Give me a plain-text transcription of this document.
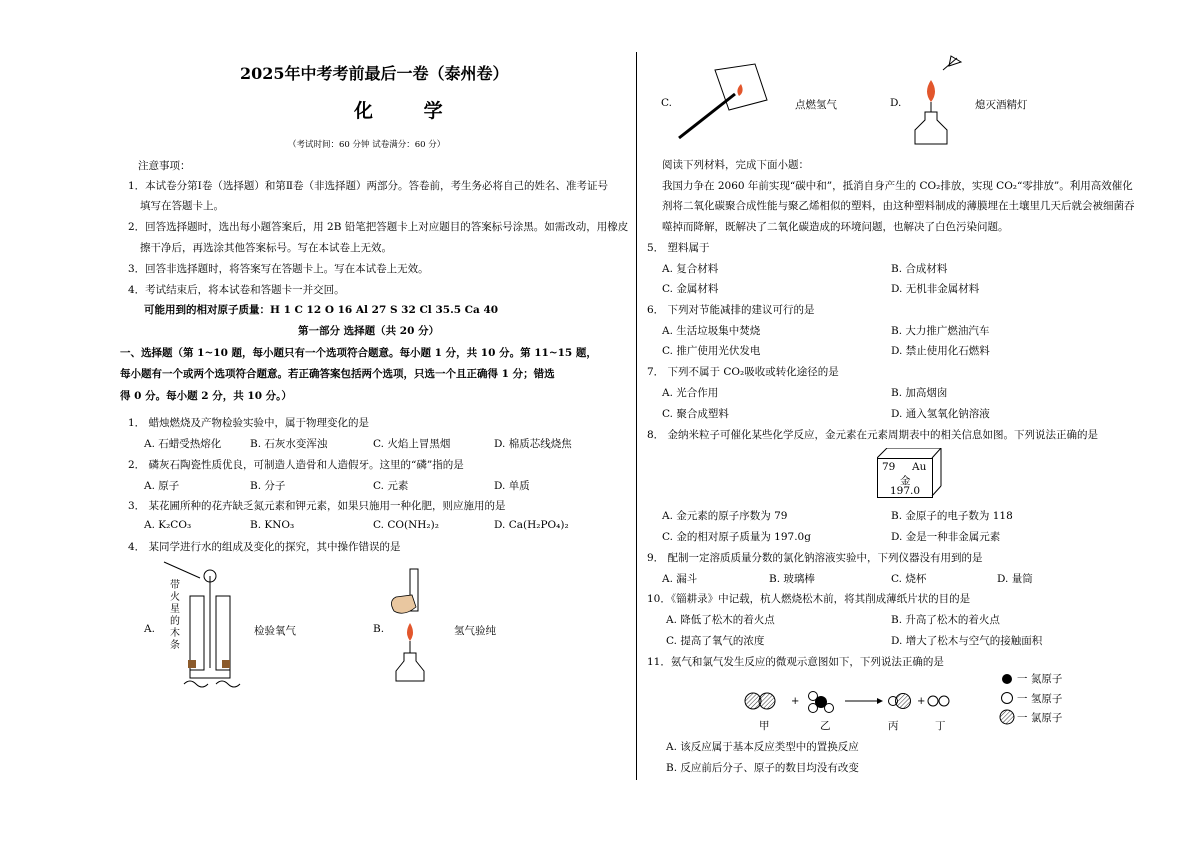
2025年中考考前最后一卷（泰州卷）
化 学
（考试时间：60 分钟 试卷满分：60 分）
注意事项：
1．本试卷分第Ⅰ卷（选择题）和第Ⅱ卷（非选择题）两部分。答卷前，考生务必将自己的姓名、准考证号
填写在答题卡上。
2．回答选择题时，选出每小题答案后，用 2B 铅笔把答题卡上对应题目的答案标号涂黑。如需改动，用橡皮
擦干净后，再选涂其他答案标号。写在本试卷上无效。
3．回答非选择题时，将答案写在答题卡上。写在本试卷上无效。
4．考试结束后，将本试卷和答题卡一并交回。
可能用到的相对原子质量：H 1 C 12 O 16 Al 27 S 32 Cl 35.5 Ca 40
第一部分 选择题（共 20 分）
一、选择题（第 1~10 题，每小题只有一个选项符合题意。每小题 1 分，共 10 分。第 11~15 题，
每小题有一个或两个选项符合题意。若正确答案包括两个选项，只选一个且正确得 1 分；错选
得 0 分。每小题 2 分，共 10 分。）
1． 蜡烛燃烧及产物检验实验中，属于物理变化的是
A. 石蜡受热熔化	B. 石灰水变浑浊	C. 火焰上冒黑烟	D. 棉质芯线烧焦
2． 磷灰石陶瓷性质优良，可制造人造骨和人造假牙。这里的“磷”指的是
A. 原子	B. 分子	C. 元素	D. 单质
3． 某花圃所种的花卉缺乏氮元素和钾元素，如果只施用一种化肥，则应施用的是
A. K₂CO₃	B. KNO₃	C. CO(NH₂)₂	D. Ca(H₂PO₄)₂
4． 某同学进行水的组成及变化的探究，其中操作错误的是
A.
带火星的木条
检验氧气	B.	氢气验纯
C.	点燃氢气	D.	熄灭酒精灯
阅读下列材料，完成下面小题：
我国力争在 2060 年前实现“碳中和”，抵消自身产生的 CO₂排放，实现 CO₂“零排放”。利用高效催化
剂将二氧化碳聚合成性能与聚乙烯相似的塑料，由这种塑料制成的薄膜埋在土壤里几天后就会被细菌吞
噬掉而降解，既解决了二氧化碳造成的环境问题，也解决了白色污染问题。
5． 塑料属于
A. 复合材料	B. 合成材料
C. 金属材料	D. 无机非金属材料
6． 下列对节能减排的建议可行的是
A. 生活垃圾集中焚烧	B. 大力推广燃油汽车
C. 推广使用光伏发电	D. 禁止使用化石燃料
7． 下列不属于 CO₂吸收或转化途径的是
A. 光合作用	B. 加高烟囱
C. 聚合成塑料	D. 通入氢氧化钠溶液
8． 金纳米粒子可催化某些化学反应，金元素在元素周期表中的相关信息如图。下列说法正确的是
79 Au
金
197.0
A. 金元素的原子序数为 79	B. 金原子的电子数为 118
C. 金的相对原子质量为 197.0g	D. 金是一种非金属元素
9． 配制一定溶质质量分数的氯化钠溶液实验中，下列仪器没有用到的是
A. 漏斗	B. 玻璃棒	C. 烧杯	D. 量筒
10．《锱耕录》中记载，杭人燃烧松木前，将其削成薄纸片状的目的是
A. 降低了松木的着火点	B. 升高了松木的着火点
C. 提高了氧气的浓度	D. 增大了松木与空气的接触面积
11．氨气和氯气发生反应的微观示意图如下，下列说法正确的是
一 氮原子
一 氢原子
一 氯原子
+	+
甲	乙	丙	丁
A. 该反应属于基本反应类型中的置换反应
B. 反应前后分子、原子的数目均没有改变
